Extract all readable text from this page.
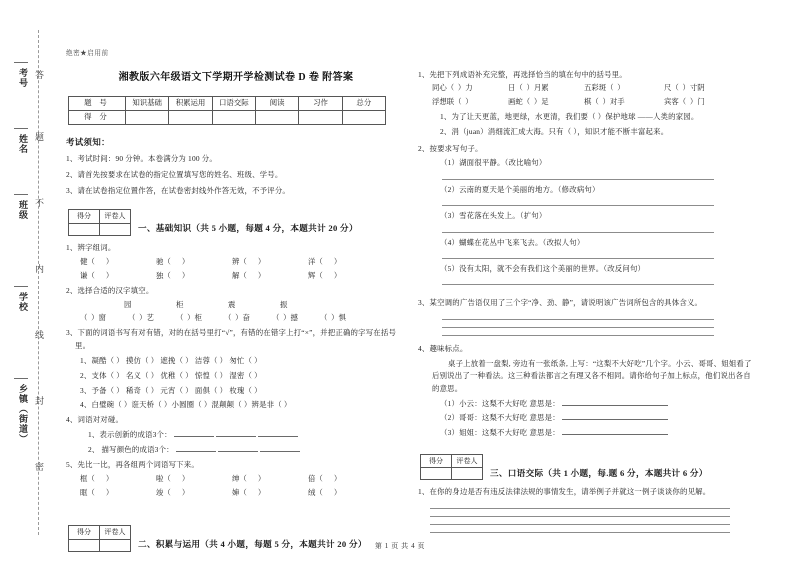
考号
姓名
班级
学校
乡镇（街道）
答
题
不
内
线
封
密
绝密★启用前
湘教版六年级语文下学期开学检测试卷 D 卷 附答案
题 号	知识基础	积累运用	口语交际	阅读	习作	总分
得 分						
考试须知：
1、考试时间：90 分钟。本卷满分为 100 分。
2、请首先按要求在试卷的指定位置填写您的姓名、班级、学号。
3、请在试卷指定位置作答，在试卷密封线外作答无效，不予评分。
得分	评卷人

一、基础知识（共 5 小题，每题 4 分，本题共计 20 分）
1、辨字组词。
健（      ）	驰（      ）	辨（      ）	洋（      ）
谦（      ）	独（      ）	解（      ）	辉（      ）
2、选择合适的汉字填空。
园	柜	震	振
（  ）窗	（  ）艺	（  ）柜	（  ）奋	（  ）撼	（  ）惧
3、下面的词语书写有对有错，对的在括号里打“√”，有错的在错字上打“×”，并把正确的字写在括号里。
1、凝酷（ ） 摸仿（ ） 遮挽（ ） 洁蓉（ ） 匆忙（ ）
2、支体（ ） 名义（ ） 优稚（ ） 惊惶（ ） 湿密（ ）
3、予备（ ） 稀奇（ ） 元宵（ ） 面俱（ ） 枚瑰（ ）
4、白璧碗（ ）诳天桥（ ）小圆圈（ ）混颠颠（ ）辨是非（ ）
4、词语对对碰。
1、表示创新的成语3个：
2、 描写颜色的成语3个：
5、先比一比，再各组两个词语写下来。
框（      ）	啦（      ）	绅（      ）	倍（      ）
眶（      ）	竣（      ）	婶（      ）	绒（      ）
得分	评卷人

二、积累与运用（共 4 小题，每题 5 分，本题共计 20 分）
1、先把下列成语补充完整，再选择恰当的填在句中的括号里。
同心（  ）力	日（  ）月累	五彩斑（  ）	尺（  ）寸阴
浮想联（  ）	画蛇（  ）足	棋（  ）对手	宾客（  ）门
1、为了让天更蓝，地更绿，水更清，我们要（ ）保护地球 ——人类的家园。
2、涓（juan）涓细流汇成大海。只有（ ），知识才能不断丰富起来。
2、按要求写句子。
（1）湖面很平静。（改比喻句）
（2）云南的夏天是个美丽的地方。（修改病句）
（3）雪花落在头发上。（扩句）
（4）蝴蝶在花丛中飞来飞去。（改拟人句）
（5）没有太阳，就不会有我们这个美丽的世界。（改反问句）
3、某空调的广告语仅用了三个字“净、劲、静”，请说明该广告词所包含的具体含义。
4、趣味标点。
桌子上放着一盘梨, 旁边有一张纸条, 上写：“这梨不大好吃”几个字。小云、哥哥、姐姐看了后别说出了一种看法。这三种看法都言之有理又各不相同。请你给句子加上标点，他们说出各自的意思。
（1）小云：这梨不大好吃 意思是：
（2）哥哥：这梨不大好吃 意思是：
（3）姐姐：这梨不大好吃 意思是：
得分	评卷人

三、口语交际（共 1 小题，每.题 6 分，本题共计 6 分）
1、在你的身边是否有违反法律法规的事情发生，请举例子并就这一例子谈谈你的见解。
第 1 页 共 4 页
